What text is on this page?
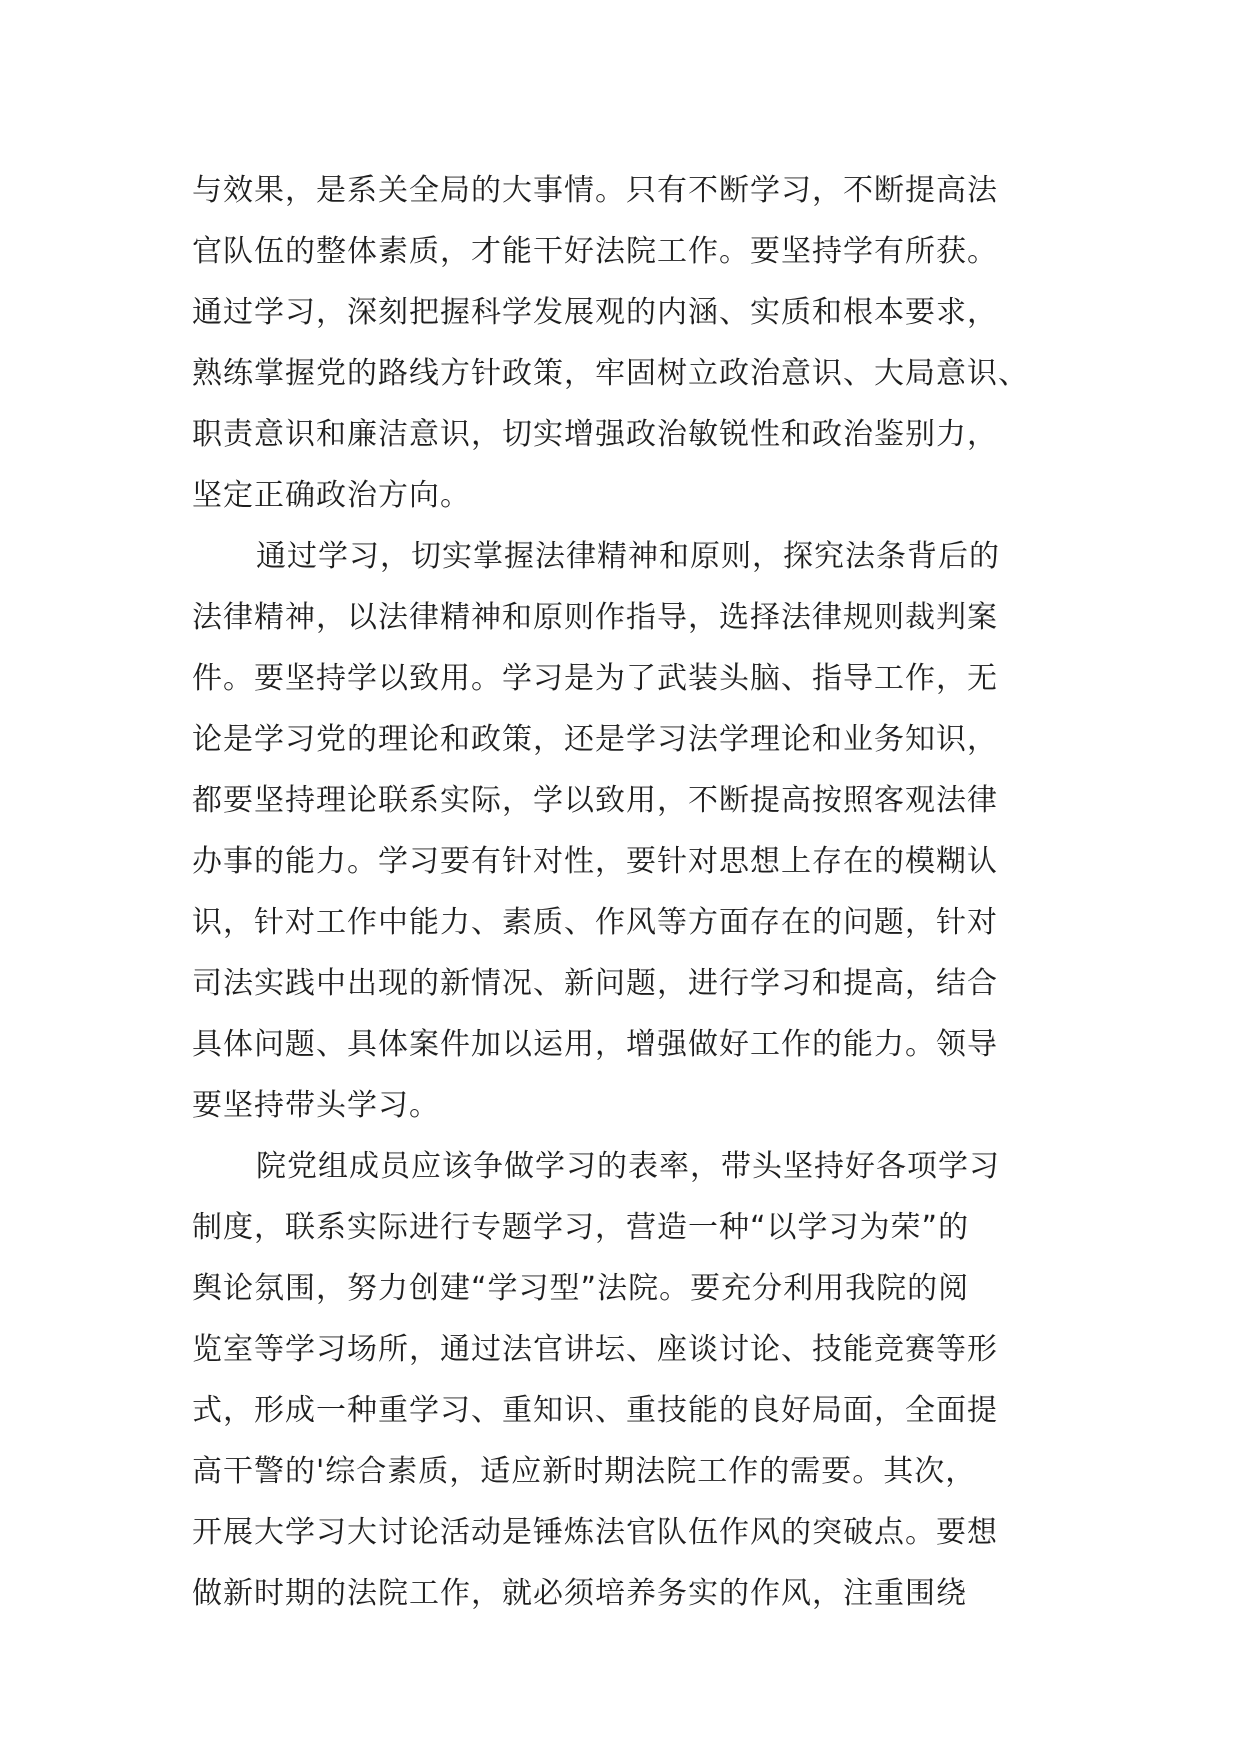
与效果，是系关全局的大事情。只有不断学习，不断提高法
官队伍的整体素质，才能干好法院工作。要坚持学有所获。
通过学习，深刻把握科学发展观的内涵、实质和根本要求，
熟练掌握党的路线方针政策，牢固树立政治意识、大局意识、
职责意识和廉洁意识，切实增强政治敏锐性和政治鉴别力，
坚定正确政治方向。
通过学习，切实掌握法律精神和原则，探究法条背后的
法律精神，以法律精神和原则作指导，选择法律规则裁判案
件。要坚持学以致用。学习是为了武装头脑、指导工作，无
论是学习党的理论和政策，还是学习法学理论和业务知识，
都要坚持理论联系实际，学以致用，不断提高按照客观法律
办事的能力。学习要有针对性，要针对思想上存在的模糊认
识，针对工作中能力、素质、作风等方面存在的问题，针对
司法实践中出现的新情况、新问题，进行学习和提高，结合
具体问题、具体案件加以运用，增强做好工作的能力。领导
要坚持带头学习。
院党组成员应该争做学习的表率，带头坚持好各项学习
制度，联系实际进行专题学习，营造一种“以学习为荣”的
舆论氛围，努力创建“学习型”法院。要充分利用我院的阅
览室等学习场所，通过法官讲坛、座谈讨论、技能竞赛等形
式，形成一种重学习、重知识、重技能的良好局面，全面提
高干警的'综合素质，适应新时期法院工作的需要。其次，
开展大学习大讨论活动是锤炼法官队伍作风的突破点。要想
做新时期的法院工作，就必须培养务实的作风，注重围绕
